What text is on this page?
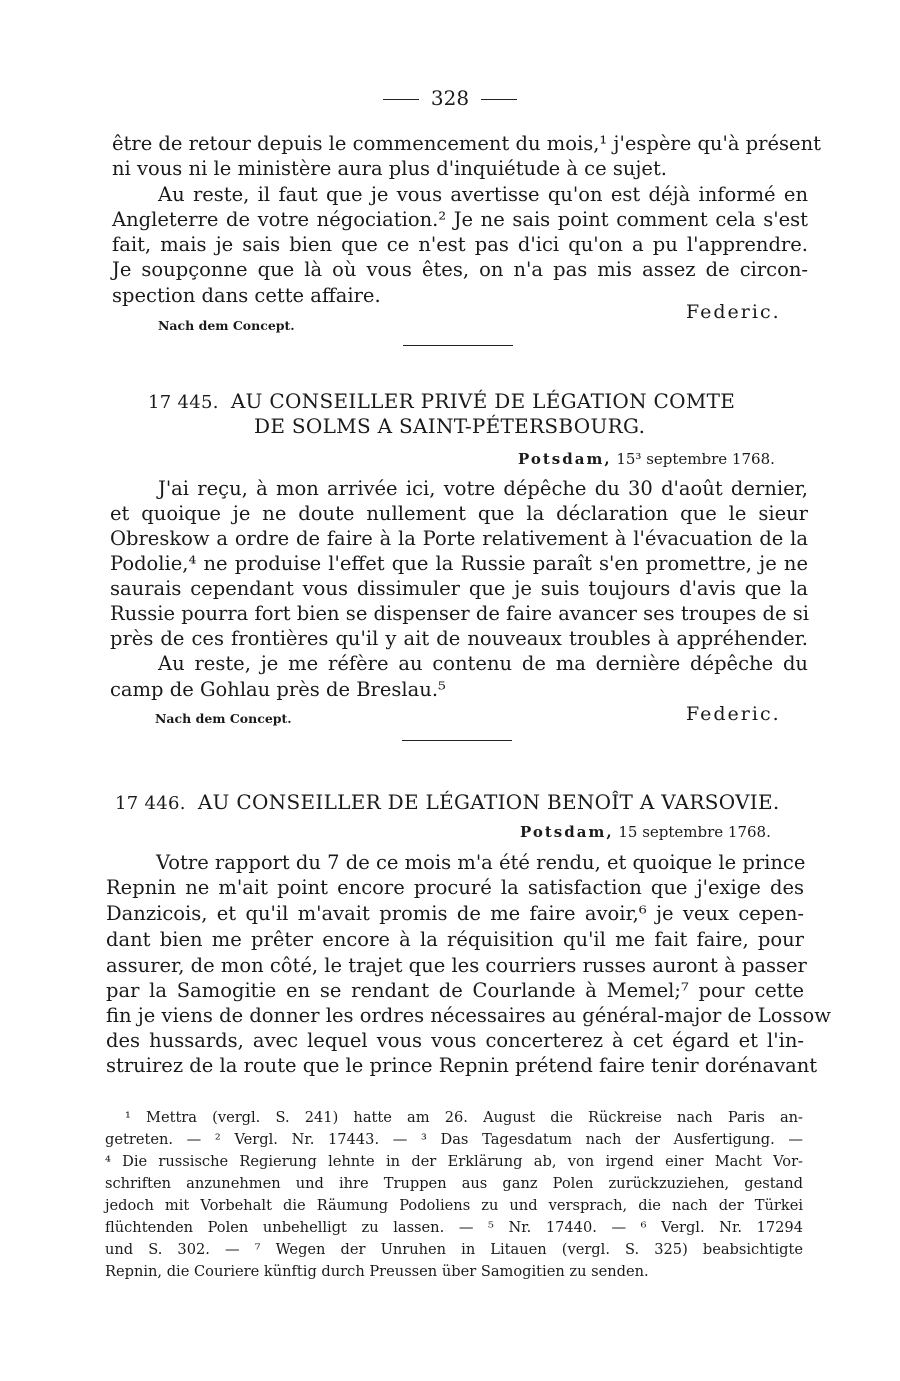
328
être de retour depuis le commencement du mois,¹ j'espère qu'à présent
ni vous ni le ministère aura plus d'inquiétude à ce sujet.
Au reste, il faut que je vous avertisse qu'on est déjà informé en
Angleterre de votre négociation.² Je ne sais point comment cela s'est
fait, mais je sais bien que ce n'est pas d'ici qu'on a pu l'apprendre.
Je soupçonne que là où vous êtes, on n'a pas mis assez de circon-
spection dans cette affaire.
Federic.
Nach dem Concept.
17 445. AU CONSEILLER PRIVÉ DE LÉGATION COMTE
DE SOLMS A SAINT-PÉTERSBOURG.
Potsdam, 15³ septembre 1768.
J'ai reçu, à mon arrivée ici, votre dépêche du 30 d'août dernier,
et quoique je ne doute nullement que la déclaration que le sieur
Obreskow a ordre de faire à la Porte relativement à l'évacuation de la
Podolie,⁴ ne produise l'effet que la Russie paraît s'en promettre, je ne
saurais cependant vous dissimuler que je suis toujours d'avis que la
Russie pourra fort bien se dispenser de faire avancer ses troupes de si
près de ces frontières qu'il y ait de nouveaux troubles à appréhender.
Au reste, je me réfère au contenu de ma dernière dépêche du
camp de Gohlau près de Breslau.⁵
Nach dem Concept.	Federic.
17 446. AU CONSEILLER DE LÉGATION BENOÎT A VARSOVIE.
Potsdam, 15 septembre 1768.
Votre rapport du 7 de ce mois m'a été rendu, et quoique le prince
Repnin ne m'ait point encore procuré la satisfaction que j'exige des
Danzicois, et qu'il m'avait promis de me faire avoir,⁶ je veux cepen-
dant bien me prêter encore à la réquisition qu'il me fait faire, pour
assurer, de mon côté, le trajet que les courriers russes auront à passer
par la Samogitie en se rendant de Courlande à Memel;⁷ pour cette
fin je viens de donner les ordres nécessaires au général-major de Lossow
des hussards, avec lequel vous vous concerterez à cet égard et l'in-
struirez de la route que le prince Repnin prétend faire tenir dorénavant
¹ Mettra (vergl. S. 241) hatte am 26. August die Rückreise nach Paris an-
getreten. — ² Vergl. Nr. 17443. — ³ Das Tagesdatum nach der Ausfertigung. —
⁴ Die russische Regierung lehnte in der Erklärung ab, von irgend einer Macht Vor-
schriften anzunehmen und ihre Truppen aus ganz Polen zurückzuziehen, gestand
jedoch mit Vorbehalt die Räumung Podoliens zu und versprach, die nach der Türkei
flüchtenden Polen unbehelligt zu lassen. — ⁵ Nr. 17440. — ⁶ Vergl. Nr. 17294
und S. 302. — ⁷ Wegen der Unruhen in Litauen (vergl. S. 325) beabsichtigte
Repnin, die Couriere künftig durch Preussen über Samogitien zu senden.
